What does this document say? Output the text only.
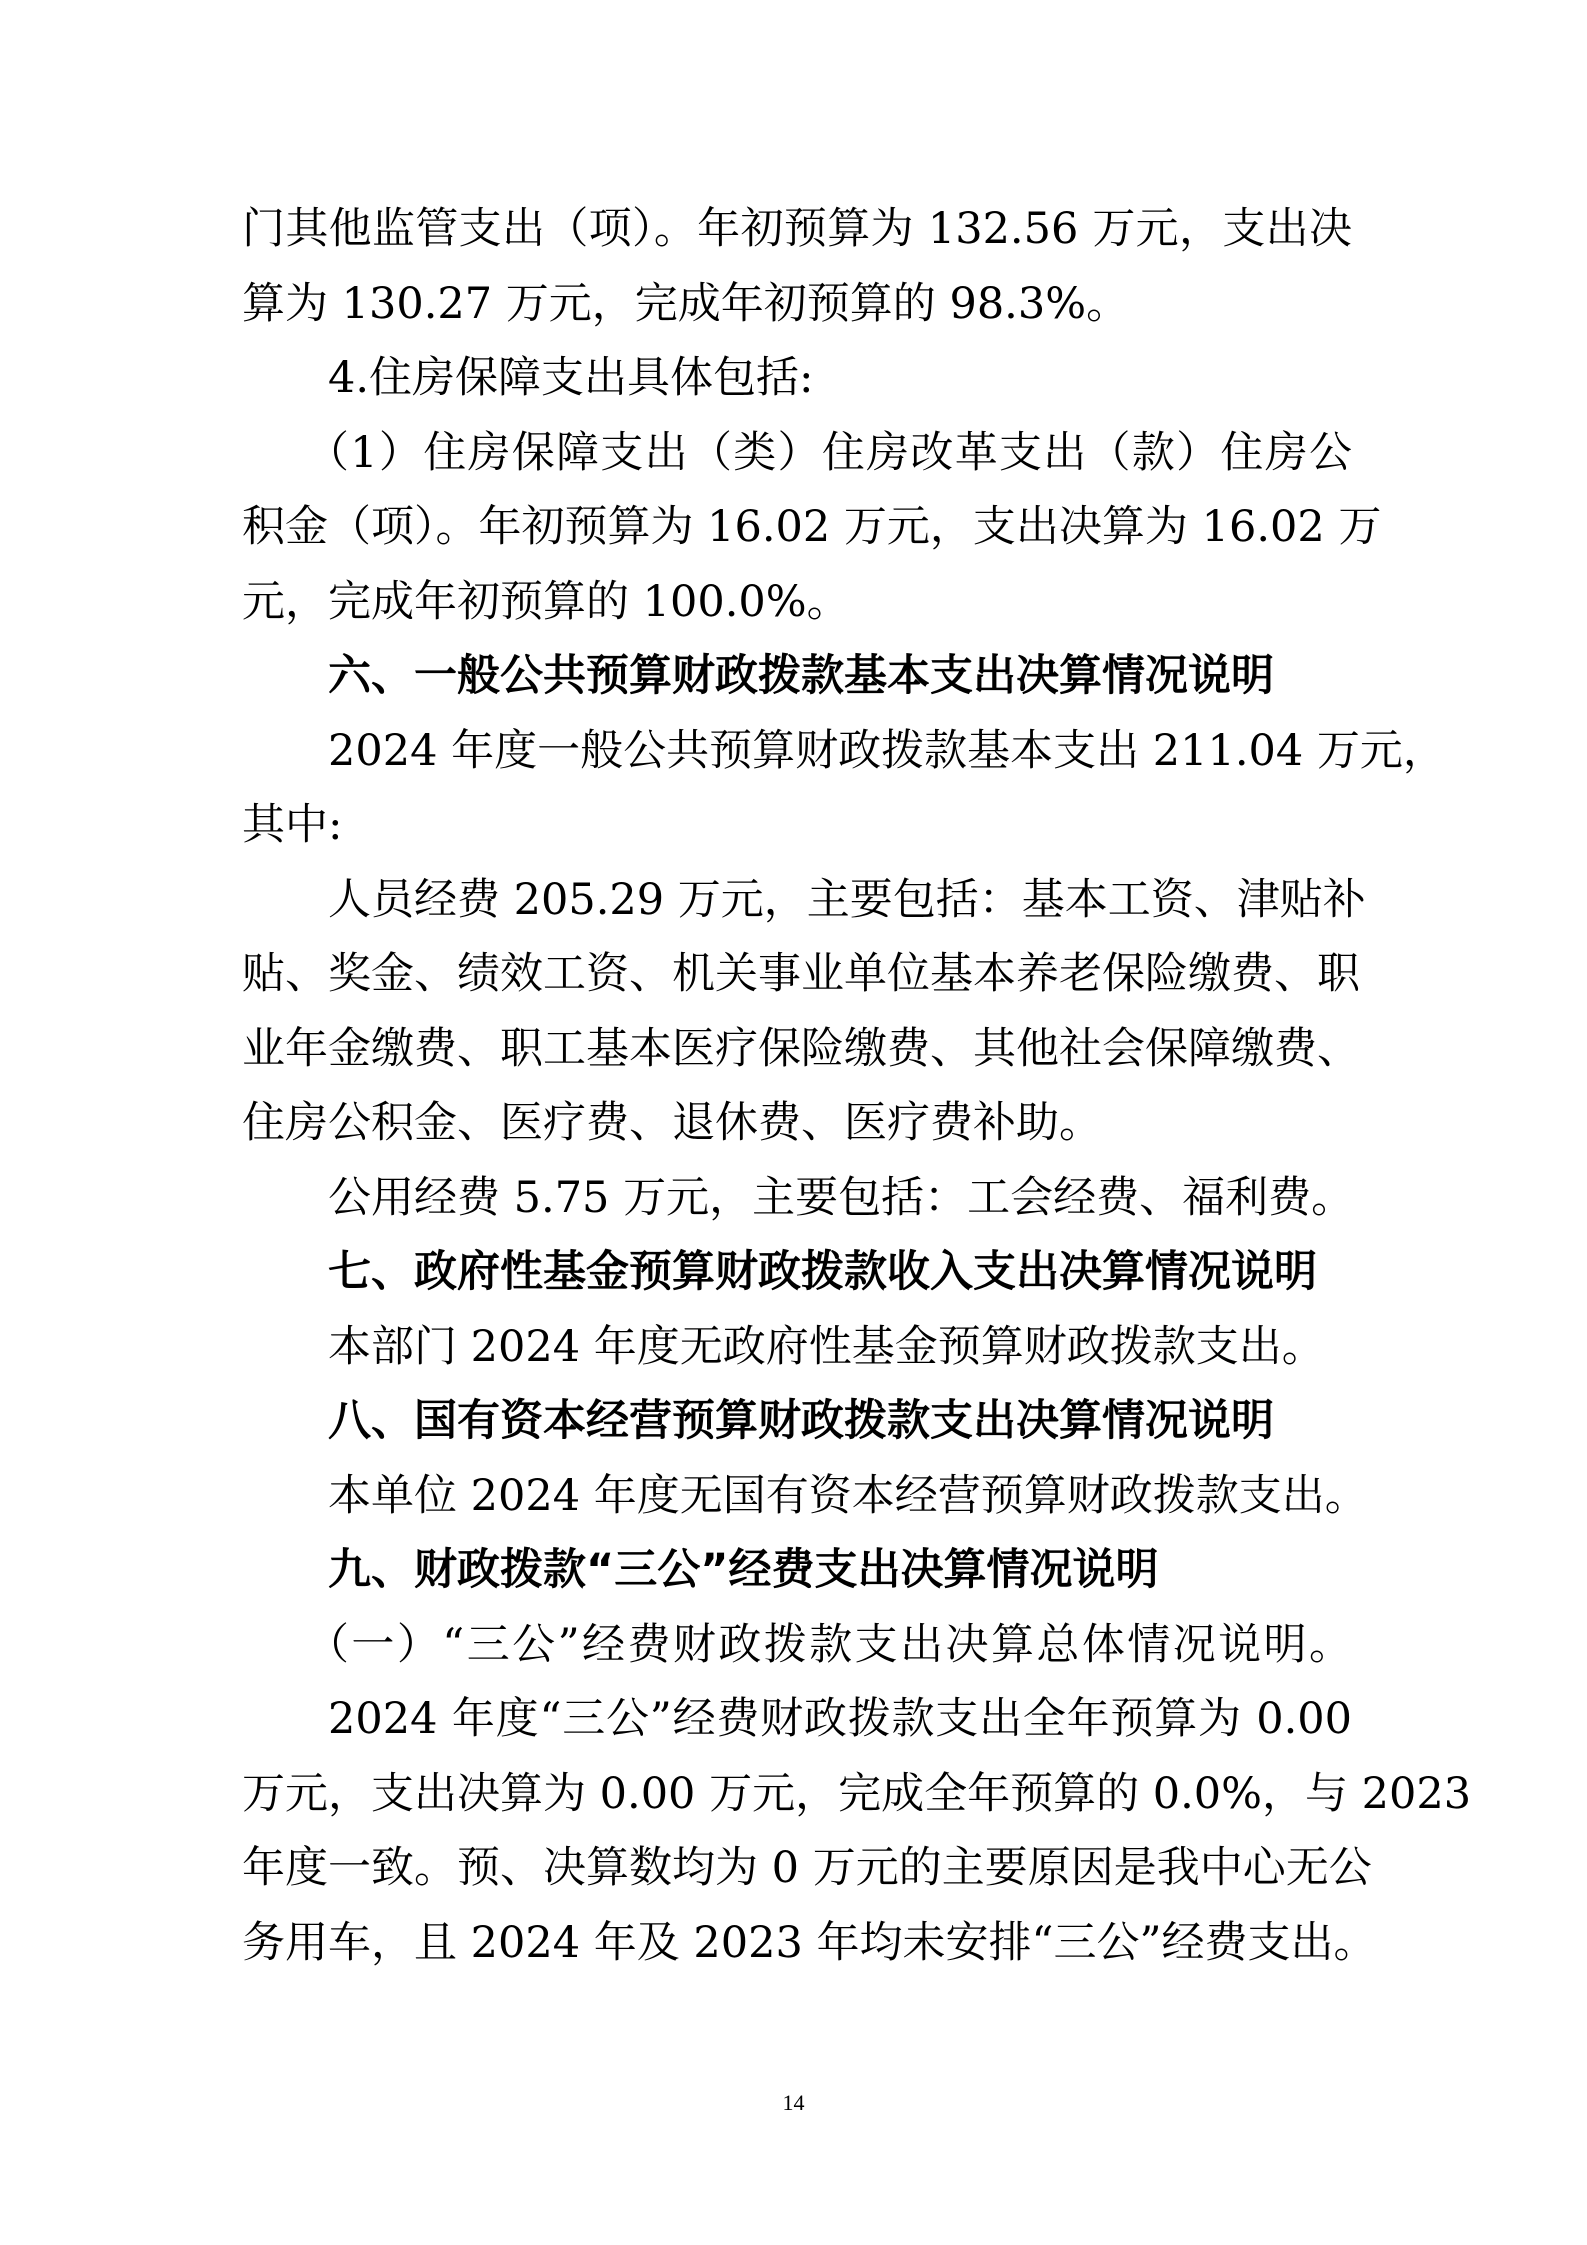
门其他监管支出（项）。年初预算为 132.56 万元，支出决
算为 130.27 万元，完成年初预算的 98.3%。
4.住房保障支出具体包括:
（1）住房保障支出（类）住房改革支出（款）住房公
积金（项）。年初预算为 16.02 万元，支出决算为 16.02 万
元，完成年初预算的 100.0%。
六、一般公共预算财政拨款基本支出决算情况说明
2024 年度一般公共预算财政拨款基本支出 211.04 万元，
其中:
人员经费 205.29 万元，主要包括：基本工资、津贴补
贴、奖金、绩效工资、机关事业单位基本养老保险缴费、职
业年金缴费、职工基本医疗保险缴费、其他社会保障缴费、
住房公积金、医疗费、退休费、医疗费补助。
公用经费 5.75 万元，主要包括：工会经费、福利费。
七、政府性基金预算财政拨款收入支出决算情况说明
本部门 2024 年度无政府性基金预算财政拨款支出。
八、国有资本经营预算财政拨款支出决算情况说明
本单位 2024 年度无国有资本经营预算财政拨款支出。
九、财政拨款“三公”经费支出决算情况说明
（一）“三公”经费财政拨款支出决算总体情况说明。
2024 年度“三公”经费财政拨款支出全年预算为 0.00
万元，支出决算为 0.00 万元，完成全年预算的 0.0%，与 2023
年度一致。预、决算数均为 0 万元的主要原因是我中心无公
务用车，且 2024 年及 2023 年均未安排“三公”经费支出。
14
